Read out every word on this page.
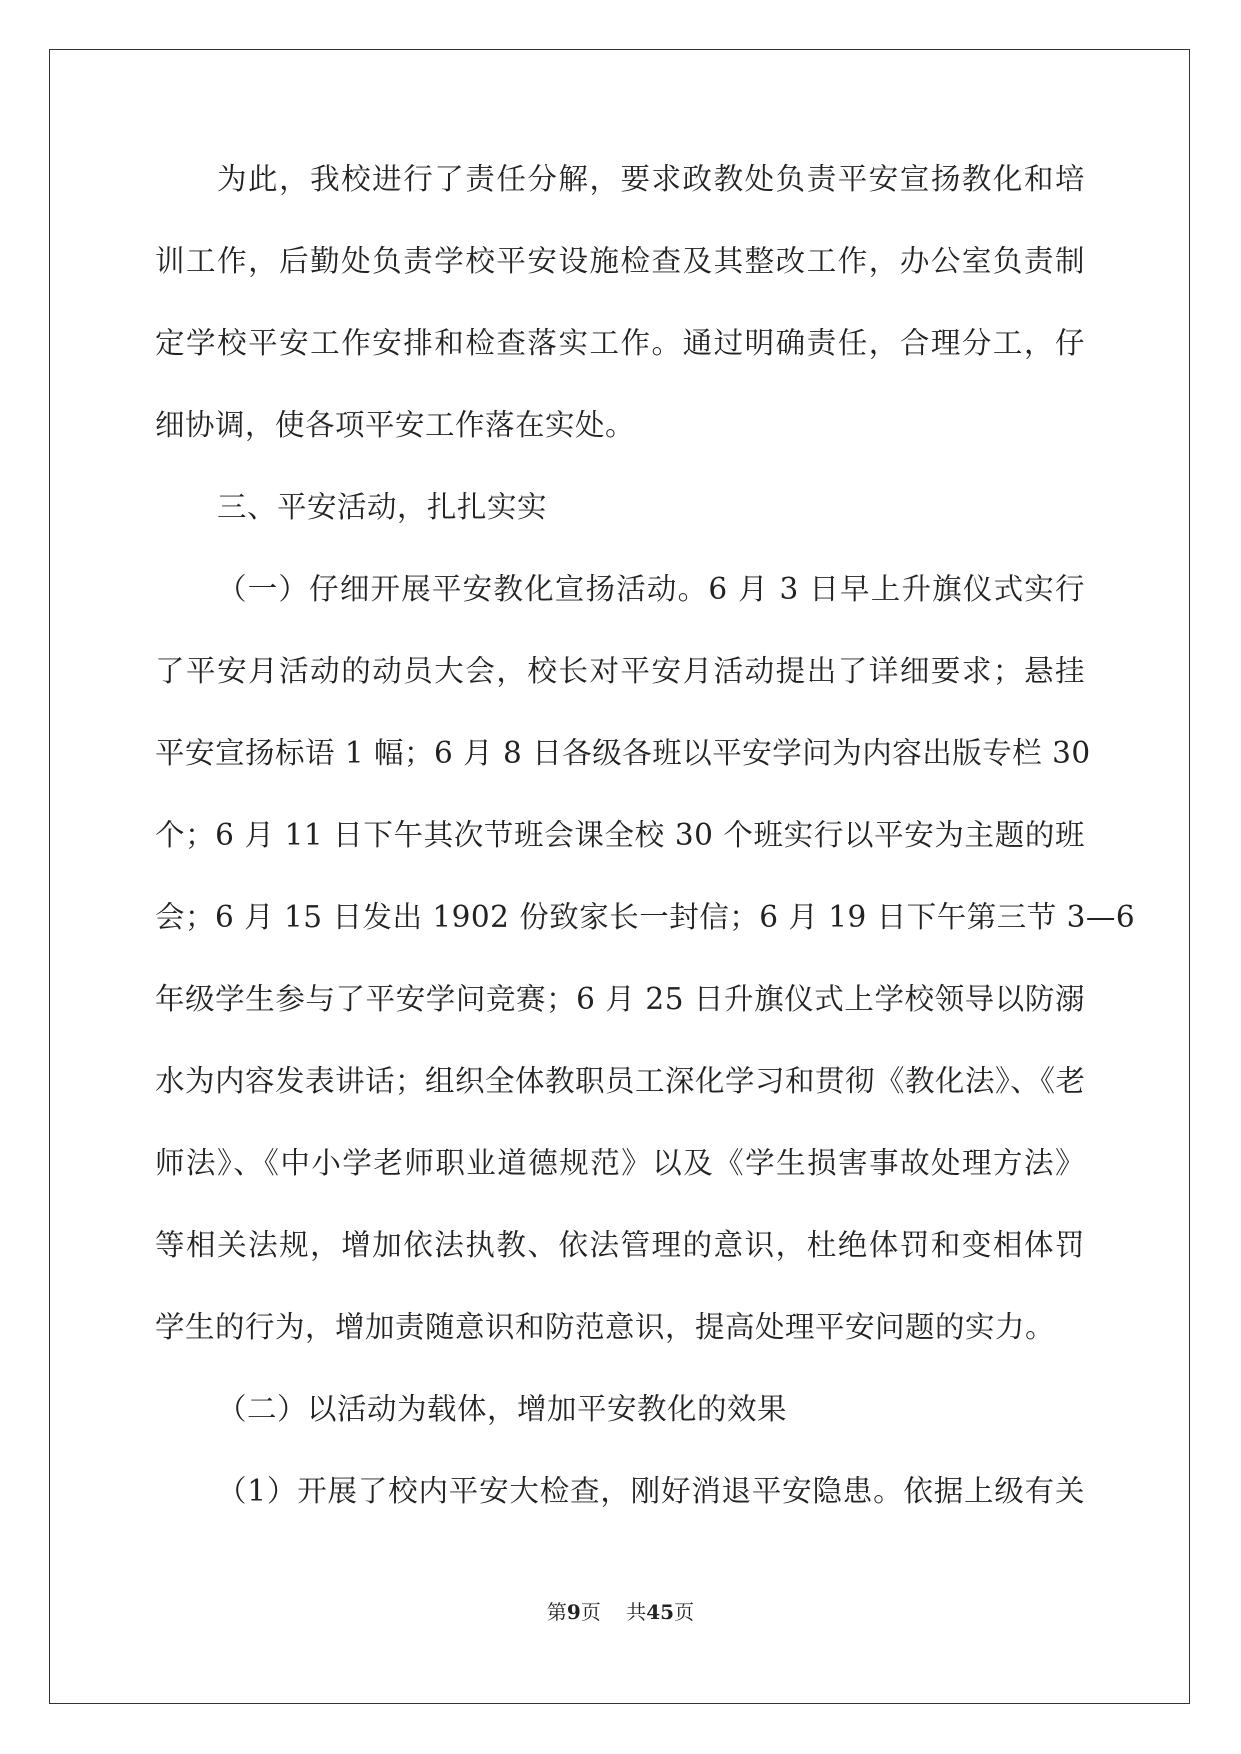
为此，我校进行了责任分解，要求政教处负责平安宣扬教化和培
训工作，后勤处负责学校平安设施检查及其整改工作，办公室负责制
定学校平安工作安排和检查落实工作。通过明确责任，合理分工，仔
细协调，使各项平安工作落在实处。
三、平安活动，扎扎实实
（一）仔细开展平安教化宣扬活动。6 月 3 日早上升旗仪式实行
了平安月活动的动员大会，校长对平安月活动提出了详细要求；悬挂
平安宣扬标语 1 幅；6 月 8 日各级各班以平安学问为内容出版专栏 30
个；6 月 11 日下午其次节班会课全校 30 个班实行以平安为主题的班
会；6 月 15 日发出 1902 份致家长一封信；6 月 19 日下午第三节 3—6
年级学生参与了平安学问竞赛；6 月 25 日升旗仪式上学校领导以防溺
水为内容发表讲话；组织全体教职员工深化学习和贯彻《教化法》、《老
师法》、《中小学老师职业道德规范》以及《学生损害事故处理方法》
等相关法规，增加依法执教、依法管理的意识，杜绝体罚和变相体罚
学生的行为，增加责随意识和防范意识，提高处理平安问题的实力。
（二）以活动为载体，增加平安教化的效果
（1）开展了校内平安大检查，刚好消退平安隐患。依据上级有关
第9页    共45页
